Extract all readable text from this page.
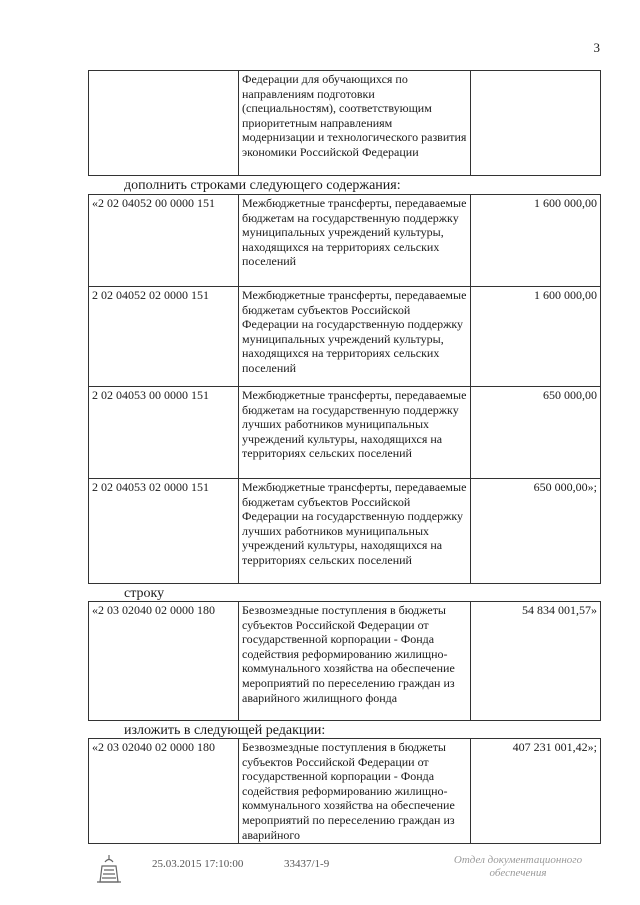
3
	Федерации для обучающихся по направлениям подготовки (специальностям), соответствующим приоритетным направлениям модернизации и технологического развития экономики Российской Федерации	
дополнить строками следующего содержания:
«2 02 04052 00 0000 151	Межбюджетные трансферты, передаваемые бюджетам на государственную поддержку муниципальных учреждений культуры, находящихся на территориях сельских поселений	1 600 000,00
2 02 04052 02 0000 151	Межбюджетные трансферты, передаваемые бюджетам субъектов Российской Федерации на государственную поддержку муниципальных учреждений культуры, находящихся на территориях сельских поселений	1 600 000,00
2 02 04053 00 0000 151	Межбюджетные трансферты, передаваемые бюджетам на государственную поддержку лучших работников муниципальных учреждений культуры, находящихся на территориях сельских поселений	650 000,00
2 02 04053 02 0000 151	Межбюджетные трансферты, передаваемые бюджетам субъектов Российской Федерации на государственную поддержку лучших работников муниципальных учреждений культуры, находящихся на территориях сельских поселений	650 000,00»;
строку
«2 03 02040 02 0000 180	Безвозмездные поступления в бюджеты субъектов Российской Федерации от государственной корпорации - Фонда содействия реформированию жилищно-коммунального хозяйства на обеспечение мероприятий по переселению граждан из аварийного жилищного фонда	54 834 001,57»
изложить в следующей редакции:
«2 03 02040 02 0000 180	Безвозмездные поступления в бюджеты субъектов Российской Федерации от государственной корпорации - Фонда содействия реформированию жилищно-коммунального хозяйства на обеспечение мероприятий по переселению граждан из аварийного	407 231 001,42»;
25.03.2015 17:10:00	33437/1-9	Отдел документационного
обеспечения
